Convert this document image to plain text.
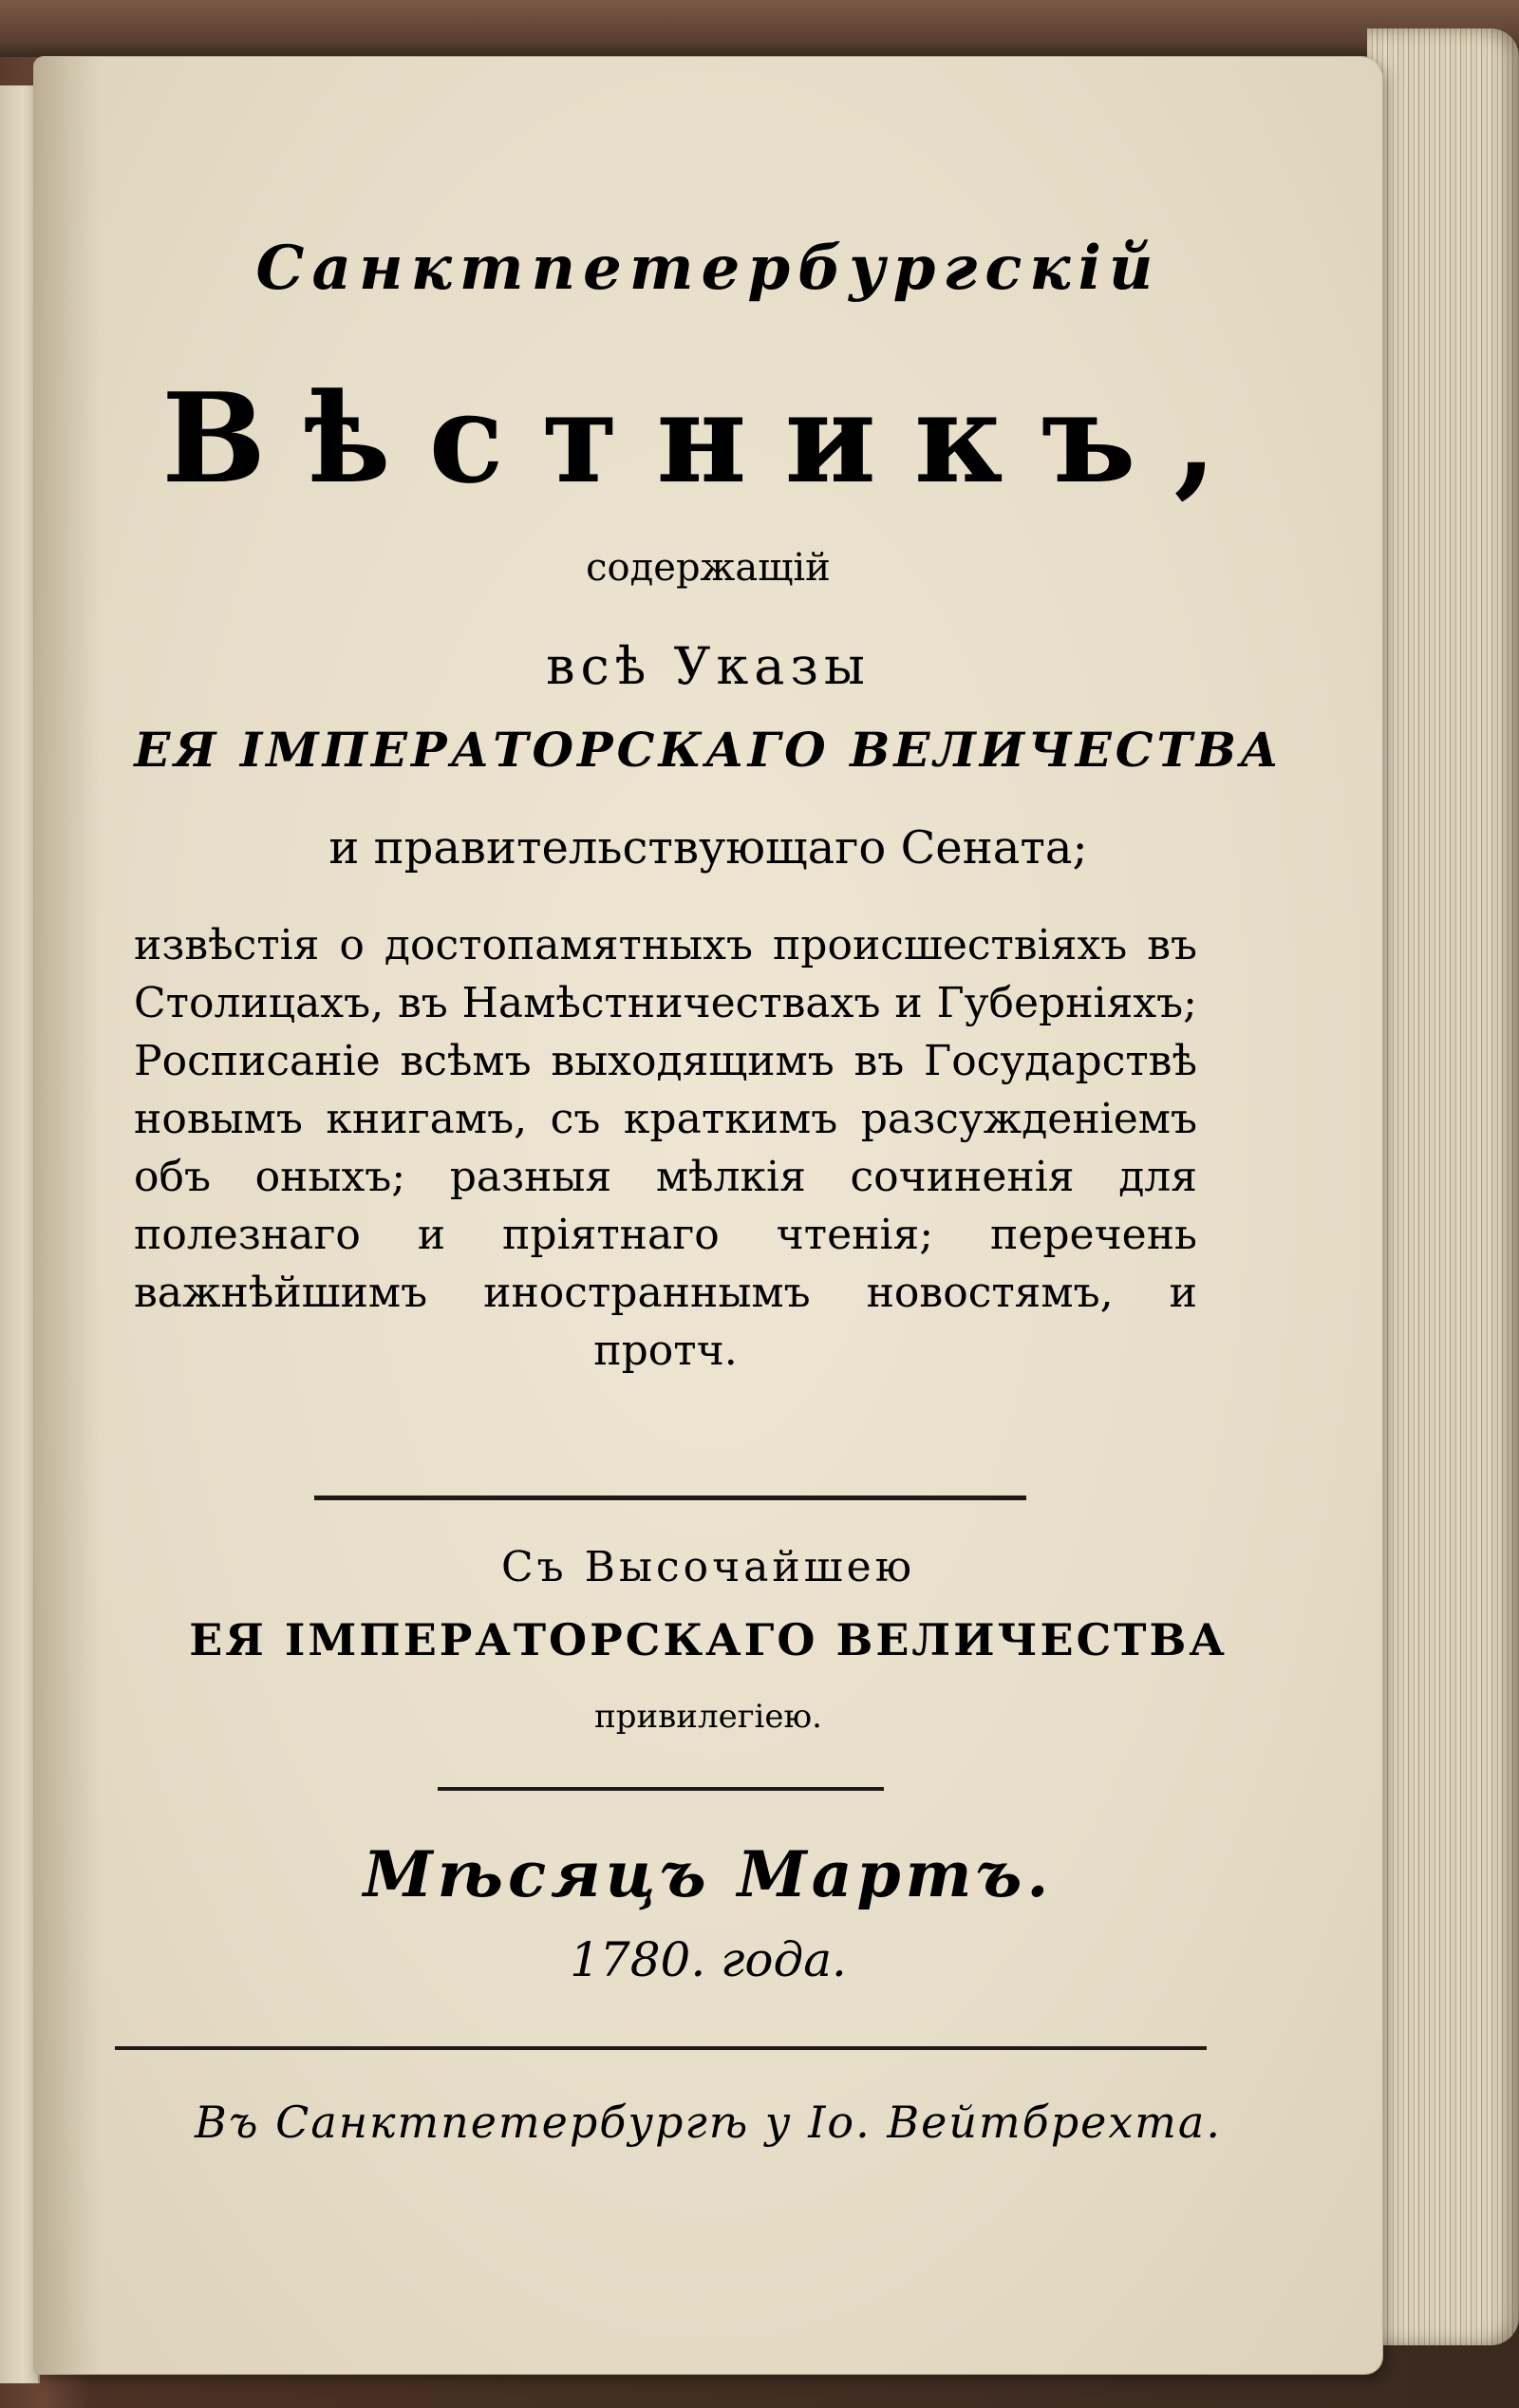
Санктпетербургскiй
Вѣстникъ,
содержащiй
всѣ Указы
ЕЯ ІМПЕРАТОРСКАГО ВЕЛИЧЕСТВА
и правительствующаго Сената;
извѣстiя о достопамятныхъ происшествiяхъ въ Столицахъ, въ Намѣстничествахъ и Губернiяхъ; Росписанiе всѣмъ выходящимъ въ Государствѣ новымъ книгамъ, съ краткимъ разсужденiемъ объ оныхъ; разныя мѣлкiя сочиненiя для полезнаго и прiятнаго чтенiя; перечень важнѣйшимъ иностраннымъ новостямъ, и протч.
Съ Высочайшею
ЕЯ ІМПЕРАТОРСКАГО ВЕЛИЧЕСТВА
привилегiею.
Мѣсяцъ Мартъ.
1780. года.
Въ Санктпетербургѣ у Iо. Вейтбрехта.
